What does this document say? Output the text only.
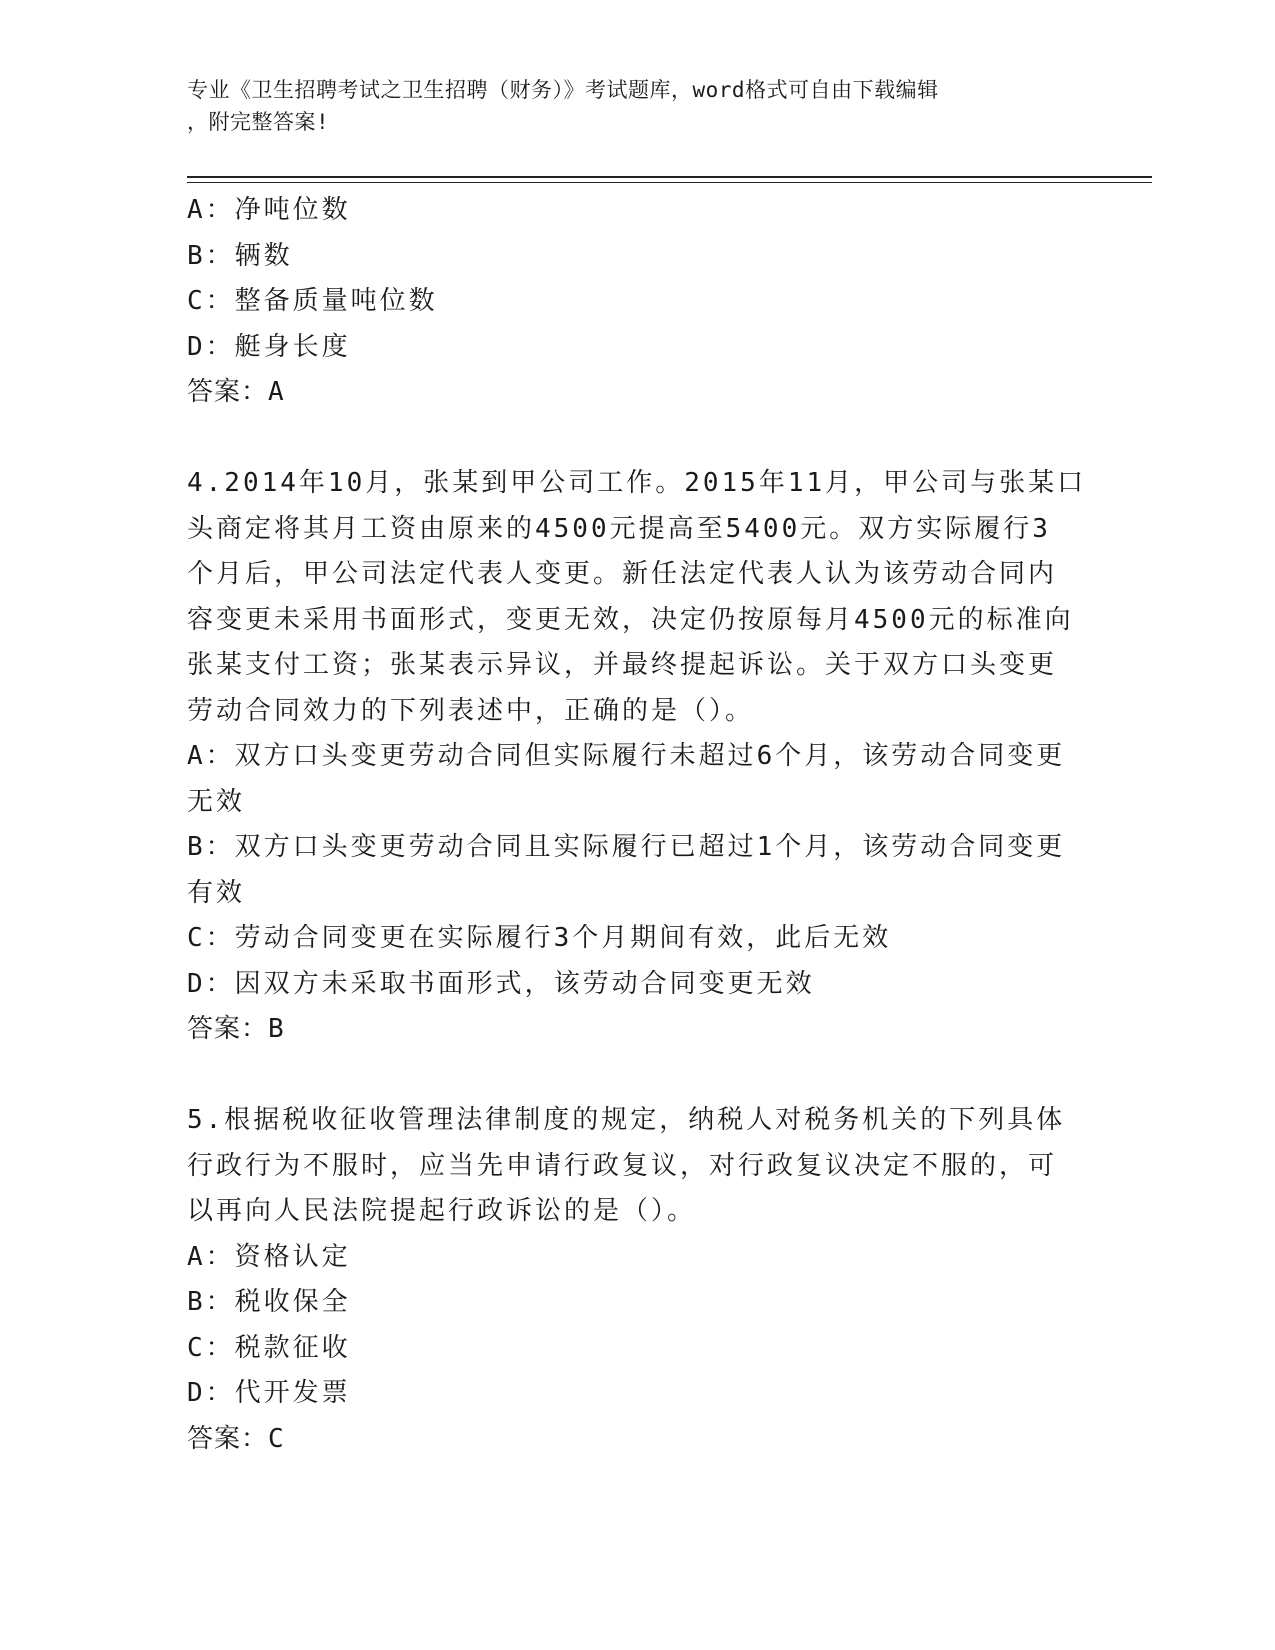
专业《卫生招聘考试之卫生招聘（财务）》考试题库，word格式可自由下载编辑
，附完整答案!
A：净吨位数
B：辆数
C：整备质量吨位数
D：艇身长度
答案：A
4.2014年10月，张某到甲公司工作。2015年11月，甲公司与张某口
头商定将其月工资由原来的4500元提高至5400元。双方实际履行3
个月后，甲公司法定代表人变更。新任法定代表人认为该劳动合同内
容变更未采用书面形式，变更无效，决定仍按原每月4500元的标准向
张某支付工资；张某表示异议，并最终提起诉讼。关于双方口头变更
劳动合同效力的下列表述中，正确的是（）。
A：双方口头变更劳动合同但实际履行未超过6个月，该劳动合同变更
无效
B：双方口头变更劳动合同且实际履行已超过1个月，该劳动合同变更
有效
C：劳动合同变更在实际履行3个月期间有效，此后无效
D：因双方未采取书面形式，该劳动合同变更无效
答案：B
5.根据税收征收管理法律制度的规定，纳税人对税务机关的下列具体
行政行为不服时，应当先申请行政复议，对行政复议决定不服的，可
以再向人民法院提起行政诉讼的是（）。
A：资格认定
B：税收保全
C：税款征收
D：代开发票
答案：C
